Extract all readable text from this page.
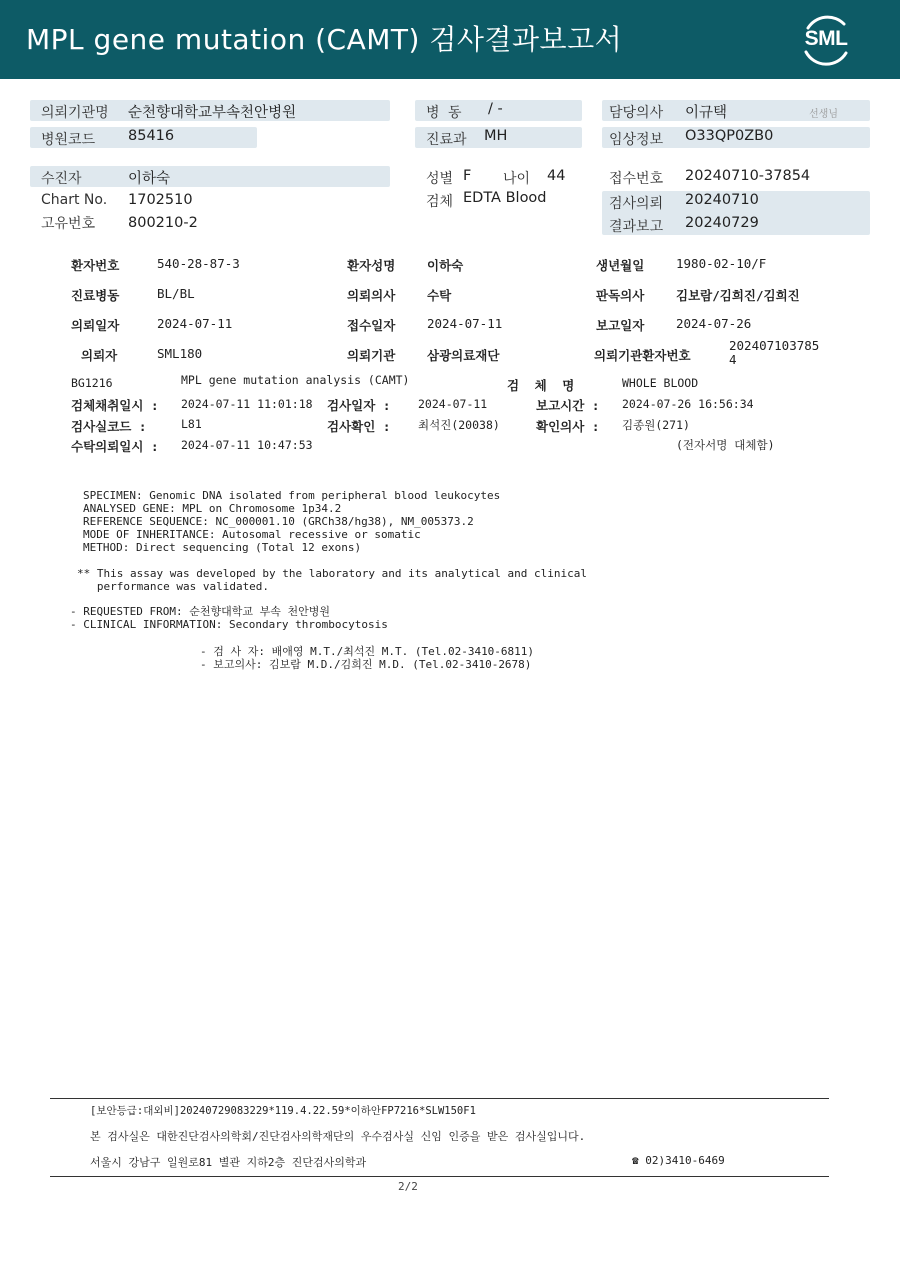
MPL gene mutation (CAMT) 검사결과보고서	SML
의뢰기관명 순천향대학교부속천안병원
병원코드 85416
병 동 / -
진료과 MH
담당의사 이규택	선생님
임상정보 O33QP0ZB0
수진자	이하숙
Chart No. 1702510
고유번호 800210-2
성별 F 나이 44
검체 EDTA Blood
접수번호 20240710-37854
검사의뢰 20240710
결과보고 20240729
환자번호	540-28-87-3	환자성명	이하숙	생년월일	1980-02-10/F
진료병동	BL/BL	의뢰의사	수탁	판독의사	김보람/김희진/김희진
의뢰일자	2024-07-11	접수일자	2024-07-11	보고일자	2024-07-26
의뢰자	SML180	의뢰기관	삼광의료재단	의뢰기관환자번호
202407103785
4
BG1216	MPL gene mutation analysis (CAMT)	검 체 명	WHOLE BLOOD
검체채취일시 : 2024-07-11 11:01:18 검사일자 : 2024-07-11	보고시간 : 2024-07-26 16:56:34
검사실코드 :	L81	검사확인 : 최석진(20038)	확인의사 : 김종원(271)
수탁의뢰일시 : 2024-07-11 10:47:53	(전자서명 대체함)
SPECIMEN: Genomic DNA isolated from peripheral blood leukocytes
ANALYSED GENE: MPL on Chromosome 1p34.2
REFERENCE SEQUENCE: NC_000001.10 (GRCh38/hg38), NM_005373.2
MODE OF INHERITANCE: Autosomal recessive or somatic
METHOD: Direct sequencing (Total 12 exons)
** This assay was developed by the laboratory and its analytical and clinical
performance was validated.
- REQUESTED FROM: 순천향대학교 부속 천안병원
- CLINICAL INFORMATION: Secondary thrombocytosis
- 검 사 자: 배애영 M.T./최석진 M.T. (Tel.02-3410-6811)
- 보고의사: 김보람 M.D./김희진 M.D. (Tel.02-3410-2678)
[보안등급:대외비]20240729083229*119.4.22.59*이하안FP7216*SLW150F1
본 검사실은 대한진단검사의학회/진단검사의학재단의 우수검사실 신임 인증을 받은 검사실입니다.
서울시 강남구 일원로81 별관 지하2층 진단검사의학과	☎ 02)3410-6469
2/2
